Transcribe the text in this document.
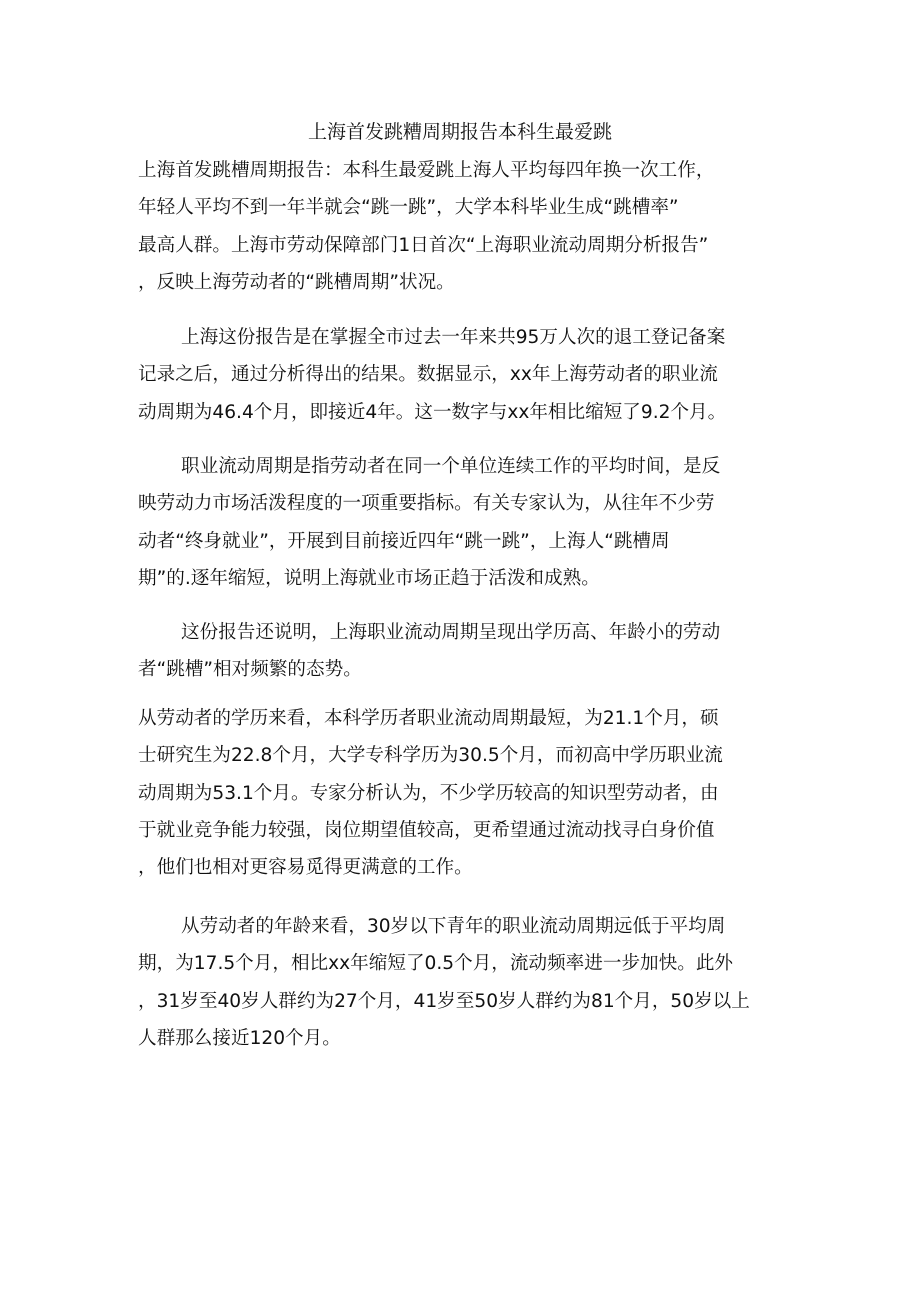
上海首发跳糟周期报告本科生最爱跳
上海首发跳槽周期报告：本科生最爱跳上海人平均每四年换一次工作，
年轻人平均不到一年半就会“跳一跳”，大学本科毕业生成“跳槽率”
最高人群。上海市劳动保障部门1日首次“上海职业流动周期分析报告”
，反映上海劳动者的“跳槽周期”状况。
上海这份报告是在掌握全市过去一年来共95万人次的退工登记备案
记录之后，通过分析得出的结果。数据显示，xx年上海劳动者的职业流
动周期为46.4个月，即接近4年。这一数字与xx年相比缩短了9.2个月。
职业流动周期是指劳动者在同一个单位连续工作的平均时间，是反
映劳动力市场活泼程度的一项重要指标。有关专家认为，从往年不少劳
动者“终身就业”，开展到目前接近四年“跳一跳”，上海人“跳槽周
期”的.逐年缩短，说明上海就业市场正趋于活泼和成熟。
这份报告还说明，上海职业流动周期呈现出学历高、年龄小的劳动
者“跳槽”相对频繁的态势。
从劳动者的学历来看，本科学历者职业流动周期最短，为21.1个月，硕
士研究生为22.8个月，大学专科学历为30.5个月，而初高中学历职业流
动周期为53.1个月。专家分析认为，不少学历较高的知识型劳动者，由
于就业竞争能力较强，岗位期望值较高，更希望通过流动找寻白身价值
，他们也相对更容易觅得更满意的工作。
从劳动者的年龄来看，30岁以下青年的职业流动周期远低于平均周
期，为17.5个月，相比xx年缩短了0.5个月，流动频率进一步加快。此外
，31岁至40岁人群约为27个月，41岁至50岁人群约为81个月，50岁以上
人群那么接近120个月。
